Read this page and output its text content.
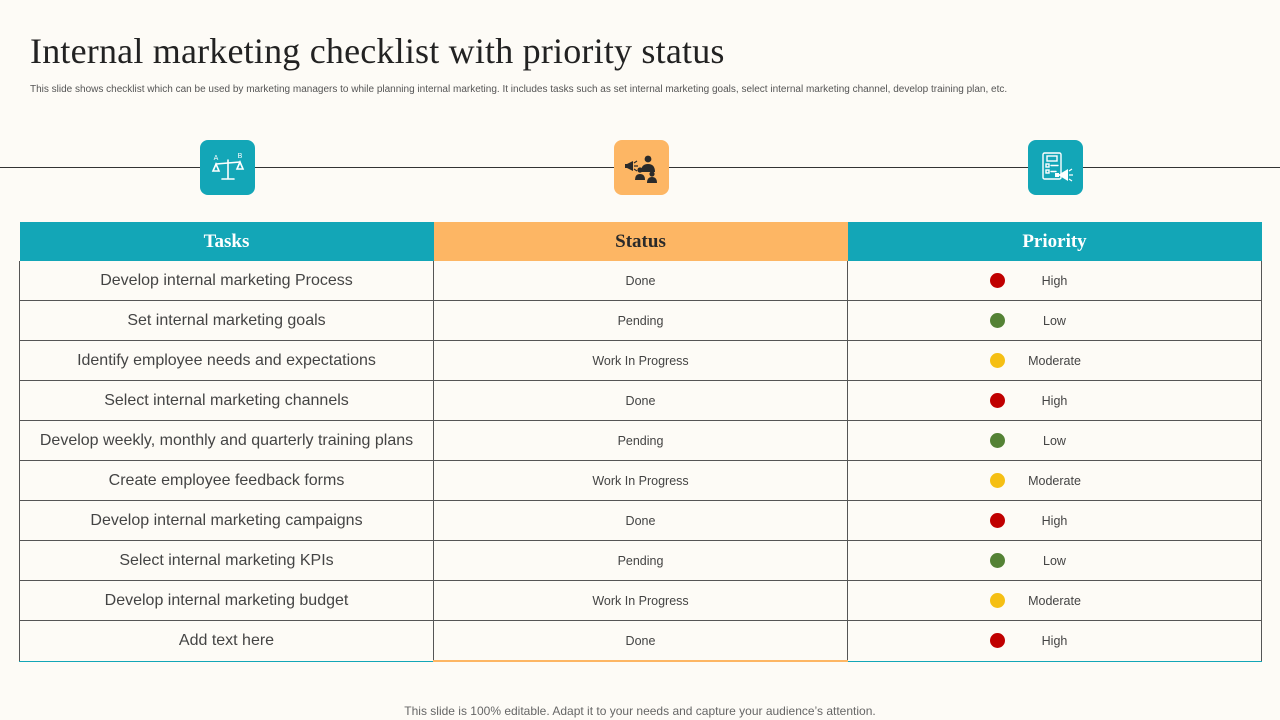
Internal marketing checklist with priority status
This slide shows checklist which can be used by marketing managers to while planning internal marketing. It includes tasks such as set internal marketing goals, select internal marketing channel, develop training plan, etc.
A	B
Tasks	Status	Priority
Develop internal marketing Process	Done	High

Set internal marketing goals	Pending	Low

Identify employee needs and expectations	Work In Progress	Moderate

Select internal marketing channels	Done	High

Develop weekly, monthly and quarterly training plans	Pending	Low

Create employee feedback forms	Work In Progress	Moderate

Develop internal marketing campaigns	Done	High

Select internal marketing KPIs	Pending	Low

Develop internal marketing budget	Work In Progress	Moderate

Add text here	Done	High
This slide is 100% editable. Adapt it to your needs and capture your audience’s attention.
